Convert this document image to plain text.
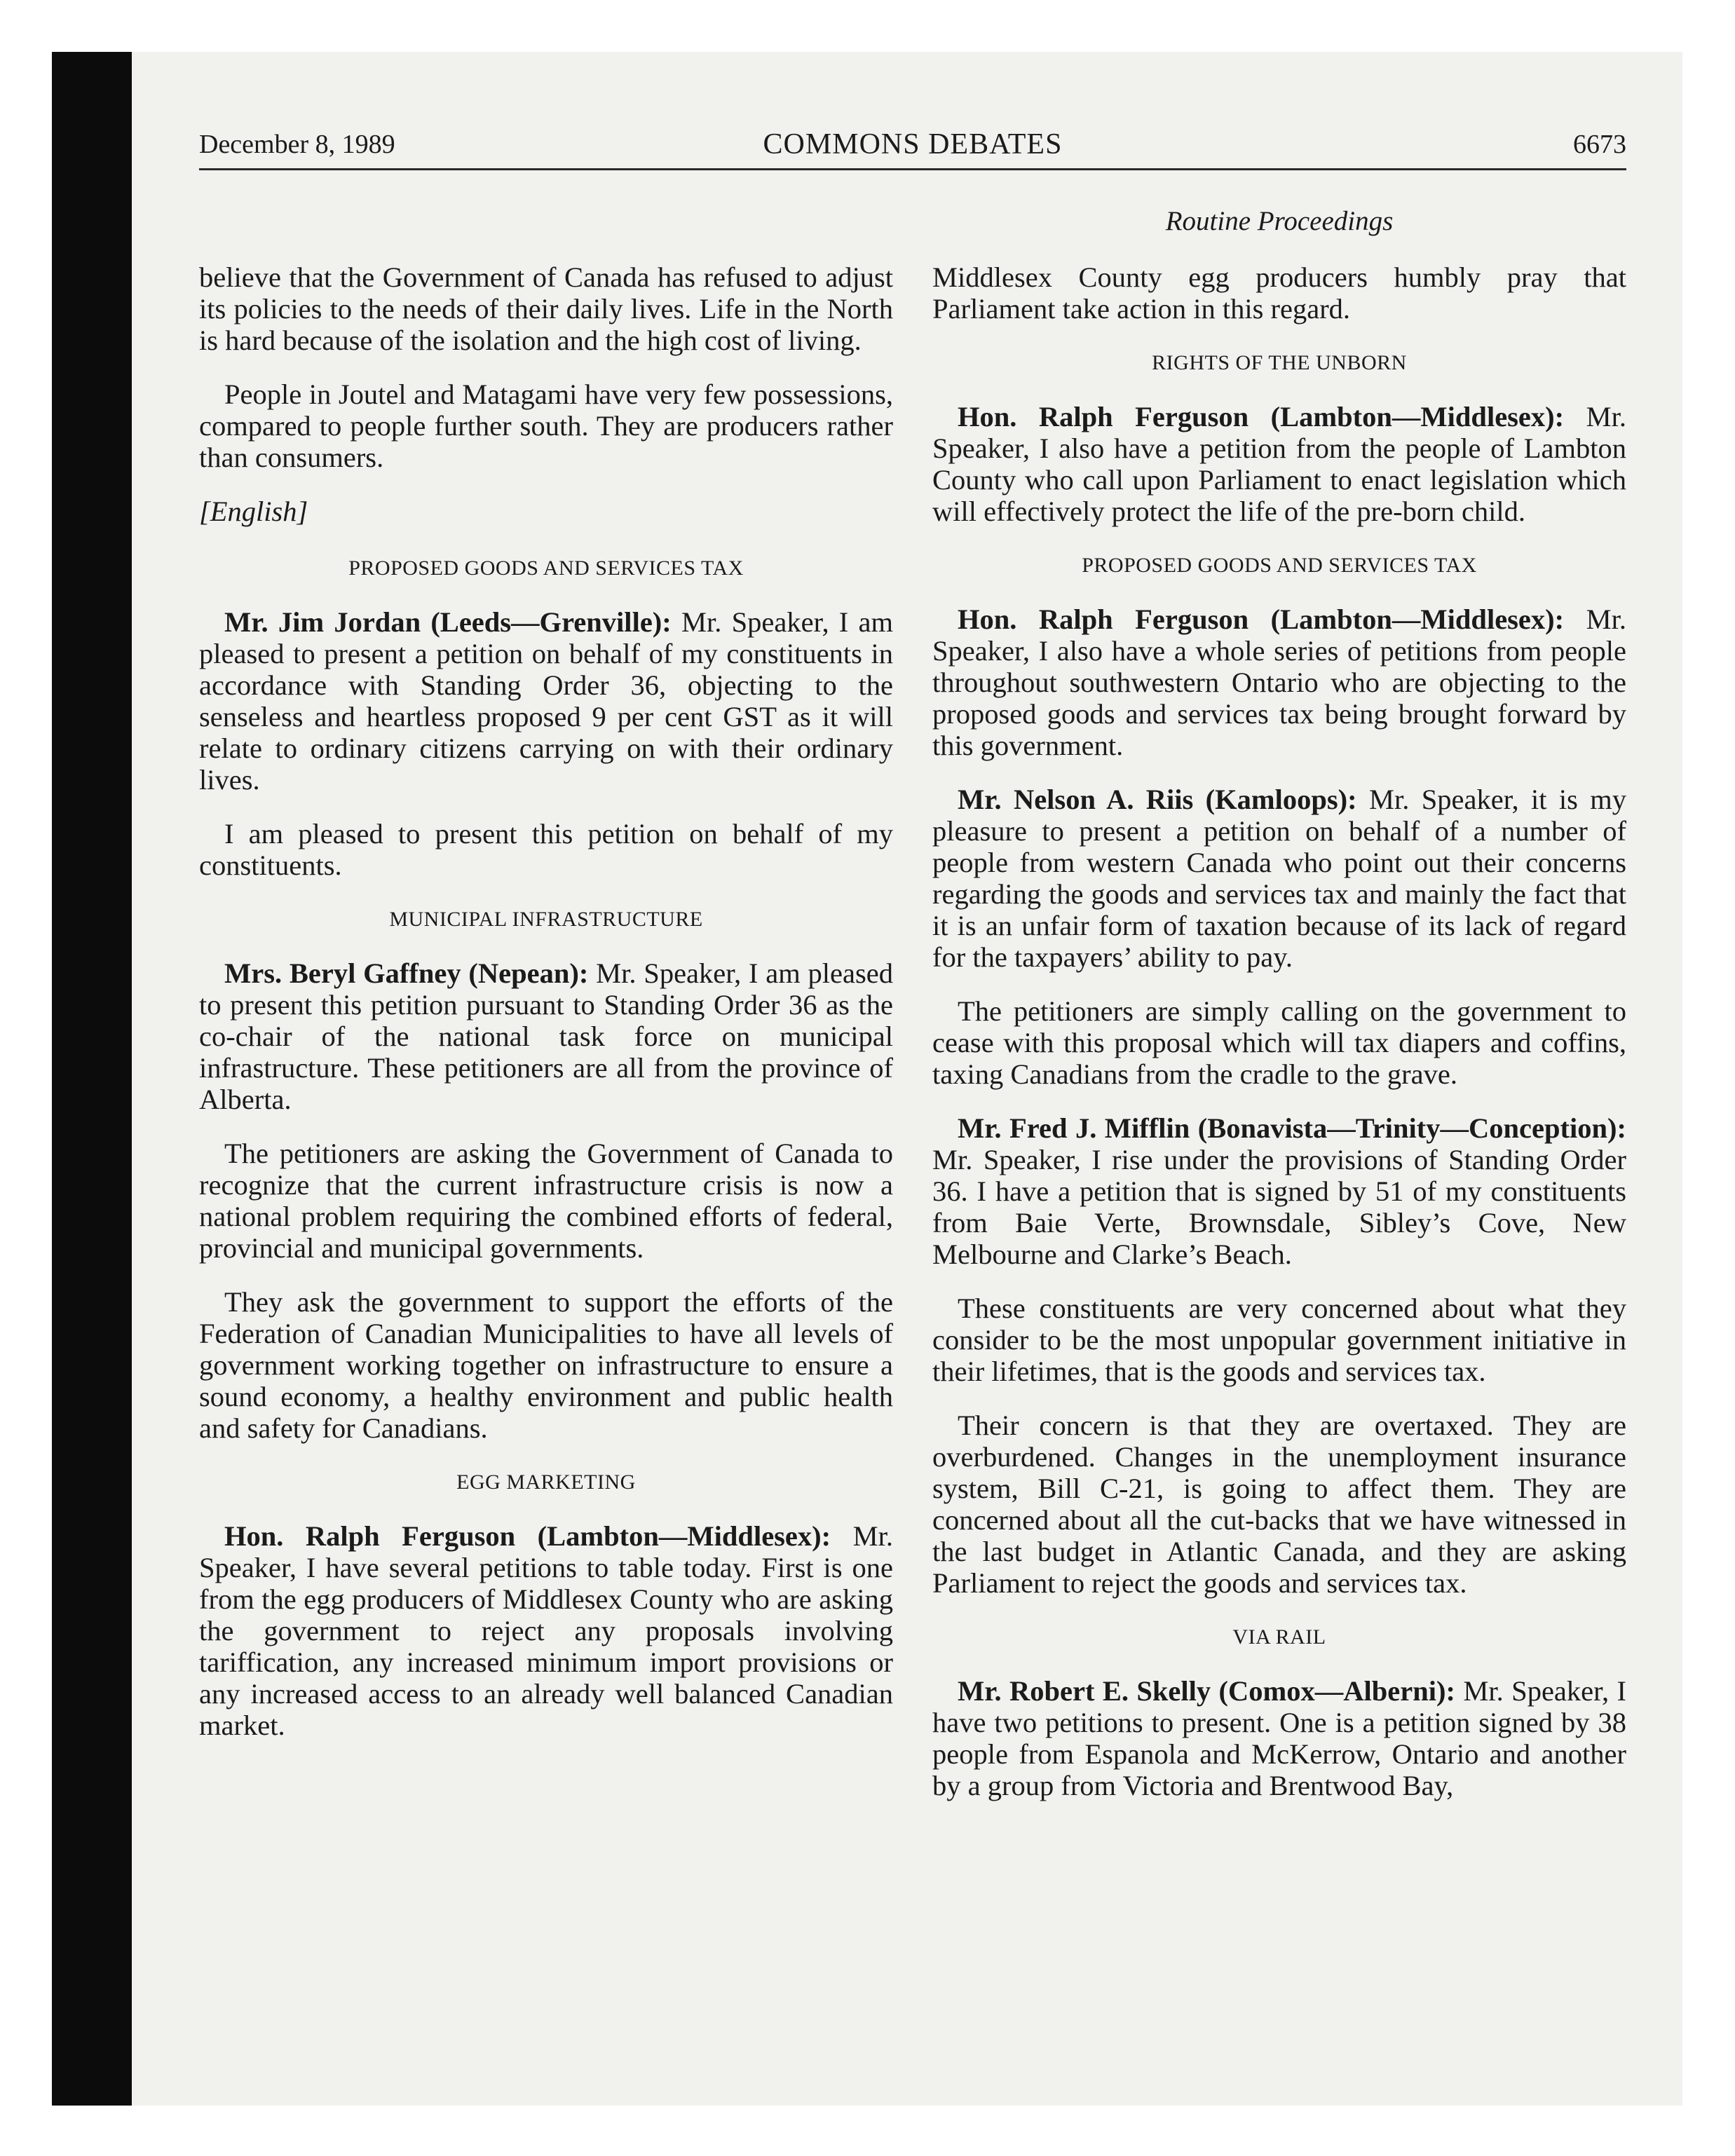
December 8, 1989	COMMONS DEBATES	6673
Routine Proceedings

believe that the Government of Canada has refused to adjust its policies to the needs of their daily lives. Life in the North is hard because of the isolation and the high cost of living.

People in Joutel and Matagami have very few possessions, compared to people further south. They are producers rather than consumers.

[English]
PROPOSED GOODS AND SERVICES TAX

Mr. Jim Jordan (Leeds—Grenville): Mr. Speaker, I am pleased to present a petition on behalf of my constituents in accordance with Standing Order 36, objecting to the senseless and heartless proposed 9 per cent GST as it will relate to ordinary citizens carrying on with their ordinary lives.

I am pleased to present this petition on behalf of my constituents.

MUNICIPAL INFRASTRUCTURE

Mrs. Beryl Gaffney (Nepean): Mr. Speaker, I am pleased to present this petition pursuant to Standing Order 36 as the co-chair of the national task force on municipal infrastructure. These petitioners are all from the province of Alberta.

The petitioners are asking the Government of Canada to recognize that the current infrastructure crisis is now a national problem requiring the combined efforts of federal, provincial and municipal governments.

They ask the government to support the efforts of the Federation of Canadian Municipalities to have all levels of government working together on infrastructure to ensure a sound economy, a healthy environment and public health and safety for Canadians.

EGG MARKETING

Hon. Ralph Ferguson (Lambton—Middlesex): Mr. Speaker, I have several petitions to table today. First is one from the egg producers of Middlesex County who are asking the government to reject any proposals involving tariffication, any increased minimum import provisions or any increased access to an already well balanced Canadian market.

Middlesex County egg producers humbly pray that Parliament take action in this regard.

RIGHTS OF THE UNBORN

Hon. Ralph Ferguson (Lambton—Middlesex): Mr. Speaker, I also have a petition from the people of Lambton County who call upon Parliament to enact legislation which will effectively protect the life of the pre-born child.

PROPOSED GOODS AND SERVICES TAX

Hon. Ralph Ferguson (Lambton—Middlesex): Mr. Speaker, I also have a whole series of petitions from people throughout southwestern Ontario who are objecting to the proposed goods and services tax being brought forward by this government.

Mr. Nelson A. Riis (Kamloops): Mr. Speaker, it is my pleasure to present a petition on behalf of a number of people from western Canada who point out their concerns regarding the goods and services tax and mainly the fact that it is an unfair form of taxation because of its lack of regard for the taxpayers’ ability to pay.

The petitioners are simply calling on the government to cease with this proposal which will tax diapers and coffins, taxing Canadians from the cradle to the grave.

Mr. Fred J. Mifflin (Bonavista—Trinity—Conception): Mr. Speaker, I rise under the provisions of Standing Order 36. I have a petition that is signed by 51 of my constituents from Baie Verte, Brownsdale, Sibley’s Cove, New Melbourne and Clarke’s Beach.

These constituents are very concerned about what they consider to be the most unpopular government initiative in their lifetimes, that is the goods and services tax.

Their concern is that they are overtaxed. They are overburdened. Changes in the unemployment insurance system, Bill C-21, is going to affect them. They are concerned about all the cut-backs that we have witnessed in the last budget in Atlantic Canada, and they are asking Parliament to reject the goods and services tax.

VIA RAIL

Mr. Robert E. Skelly (Comox—Alberni): Mr. Speaker, I have two petitions to present. One is a petition signed by 38 people from Espanola and McKerrow, Ontario and another by a group from Victoria and Brentwood Bay,
